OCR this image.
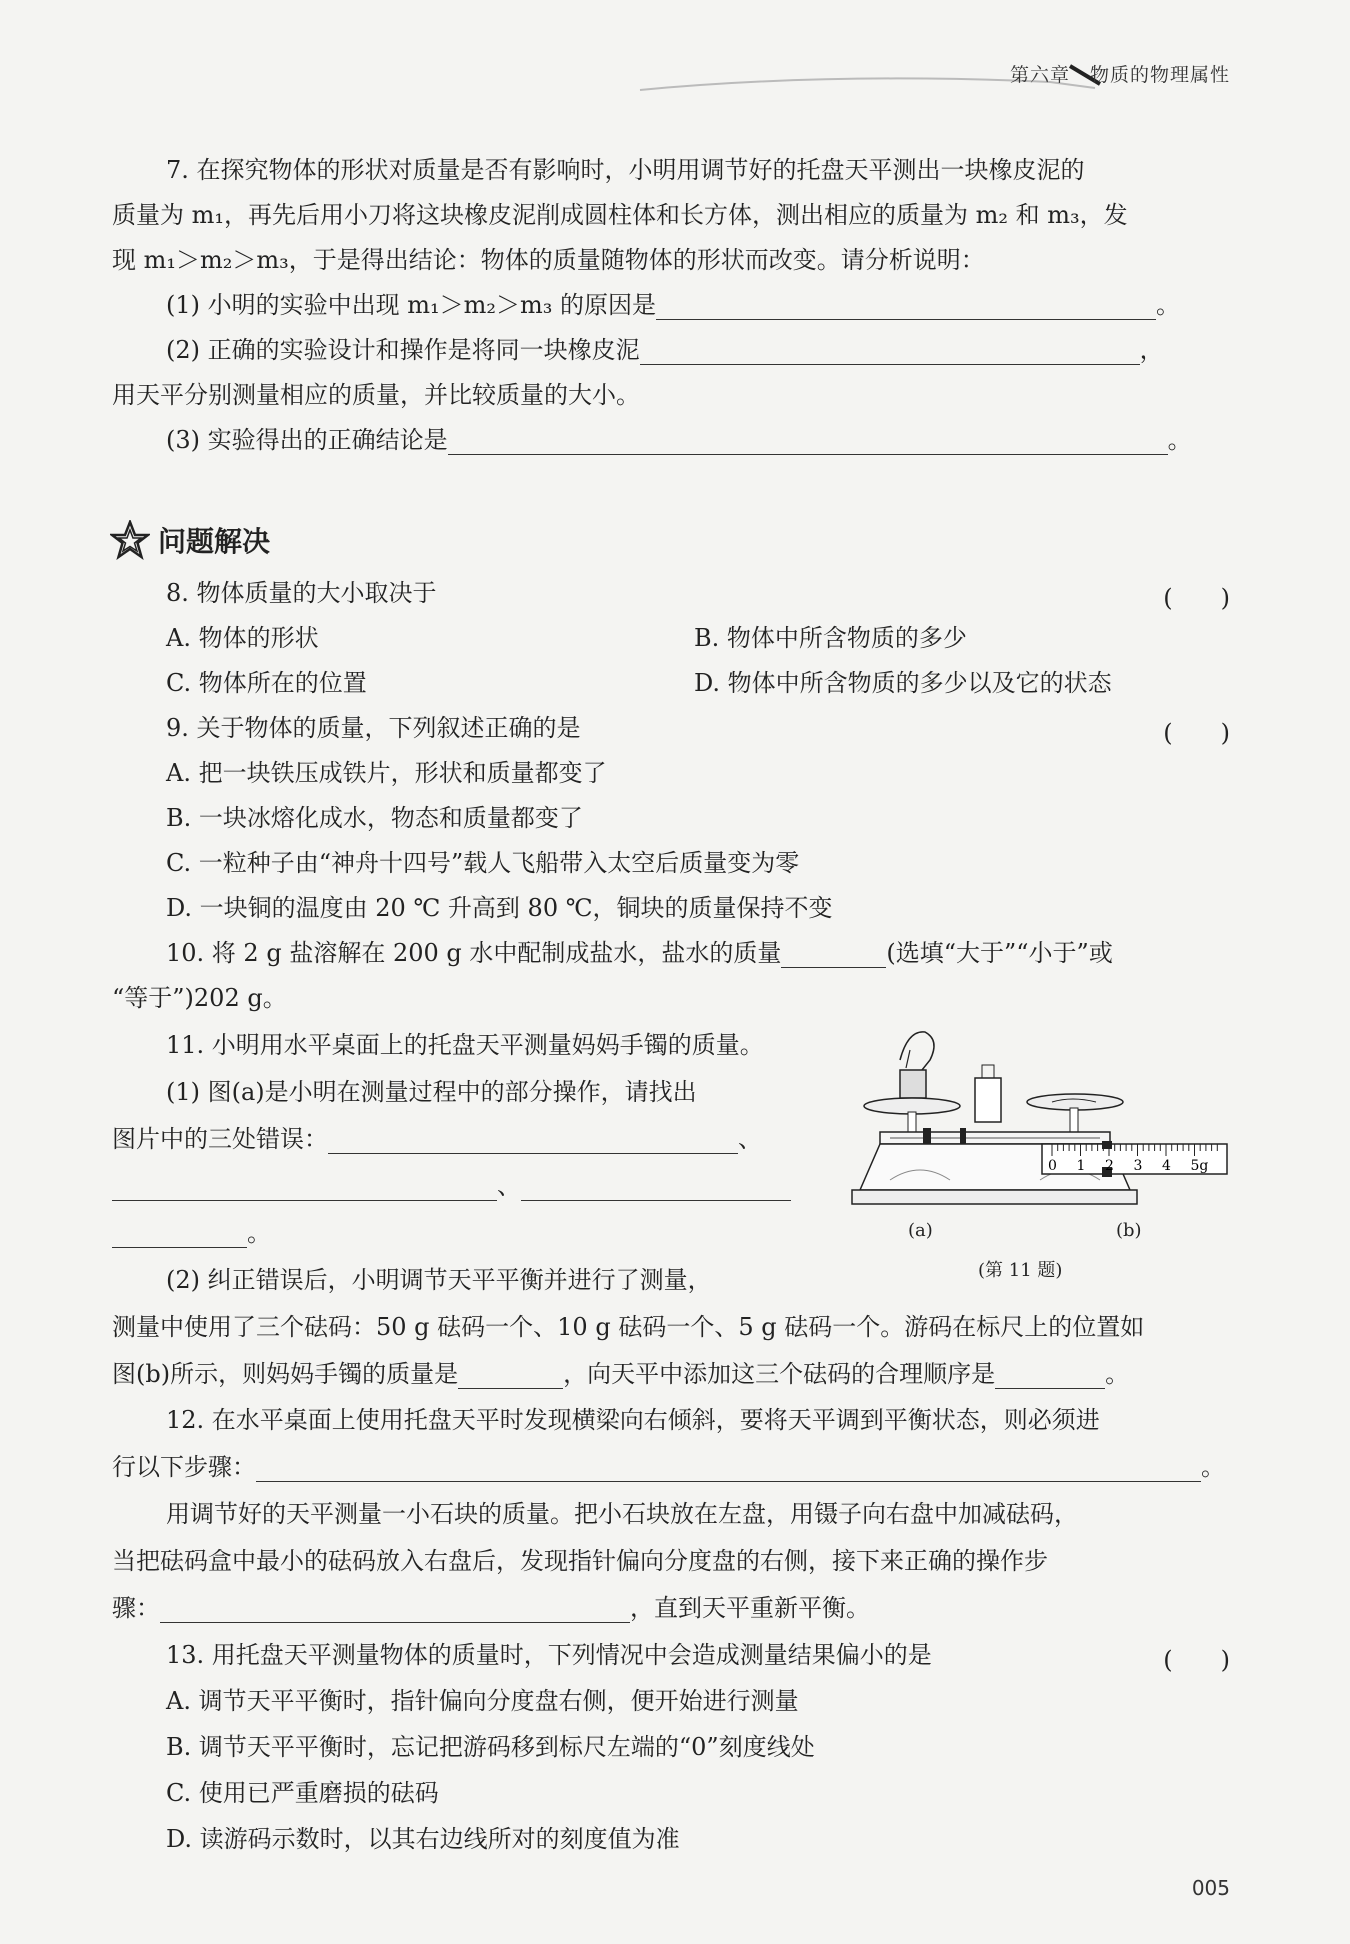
第六章 物质的物理属性
7. 在探究物体的形状对质量是否有影响时，小明用调节好的托盘天平测出一块橡皮泥的
质量为 m₁，再先后用小刀将这块橡皮泥削成圆柱体和长方体，测出相应的质量为 m₂ 和 m₃，发
现 m₁＞m₂＞m₃，于是得出结论：物体的质量随物体的形状而改变。请分析说明：
(1) 小明的实验中出现 m₁＞m₂＞m₃ 的原因是	。
(2) 正确的实验设计和操作是将同一块橡皮泥	，
用天平分别测量相应的质量，并比较质量的大小。
(3) 实验得出的正确结论是	。
问题解决
8. 物体质量的大小取决于	(　　)
A. 物体的形状	B. 物体中所含物质的多少
C. 物体所在的位置	D. 物体中所含物质的多少以及它的状态
9. 关于物体的质量，下列叙述正确的是	(　　)
A. 把一块铁压成铁片，形状和质量都变了
B. 一块冰熔化成水，物态和质量都变了
C. 一粒种子由“神舟十四号”载人飞船带入太空后质量变为零
D. 一块铜的温度由 20 ℃ 升高到 80 ℃，铜块的质量保持不变
10. 将 2 g 盐溶解在 200 g 水中配制成盐水，盐水的质量	(选填“大于”“小于”或
“等于”)202 g。
11. 小明用水平桌面上的托盘天平测量妈妈手镯的质量。
(1) 图(a)是小明在测量过程中的部分操作，请找出
图片中的三处错误：	、
、
。
0 1 2 3 4 5g
(a)	(b)
(第 11 题)
(2) 纠正错误后，小明调节天平平衡并进行了测量，
测量中使用了三个砝码：50 g 砝码一个、10 g 砝码一个、5 g 砝码一个。游码在标尺上的位置如
图(b)所示，则妈妈手镯的质量是	，向天平中添加这三个砝码的合理顺序是	。
12. 在水平桌面上使用托盘天平时发现横梁向右倾斜，要将天平调到平衡状态，则必须进
行以下步骤：	。
用调节好的天平测量一小石块的质量。把小石块放在左盘，用镊子向右盘中加减砝码，
当把砝码盒中最小的砝码放入右盘后，发现指针偏向分度盘的右侧，接下来正确的操作步
骤：	，直到天平重新平衡。
13. 用托盘天平测量物体的质量时，下列情况中会造成测量结果偏小的是	(　　)
A. 调节天平平衡时，指针偏向分度盘右侧，便开始进行测量
B. 调节天平平衡时，忘记把游码移到标尺左端的“0”刻度线处
C. 使用已严重磨损的砝码
D. 读游码示数时，以其右边线所对的刻度值为准
005
